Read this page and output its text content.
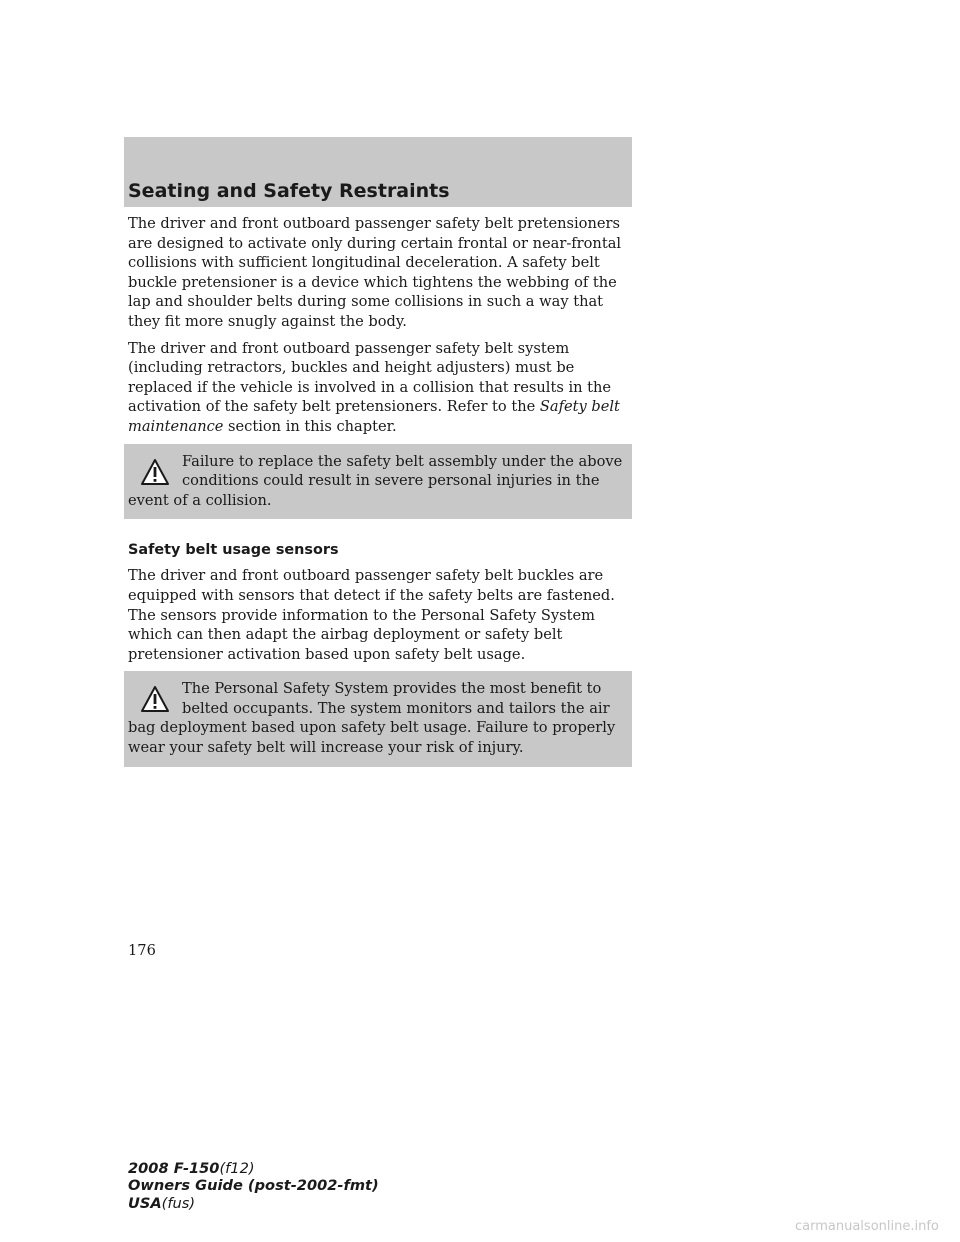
Seating and Safety Restraints

The driver and front outboard passenger safety belt pretensioners are designed to activate only during certain frontal or near-frontal collisions with sufficient longitudinal deceleration. A safety belt buckle pretensioner is a device which tightens the webbing of the lap and shoulder belts during some collisions in such a way that they fit more snugly against the body.

The driver and front outboard passenger safety belt system (including retractors, buckles and height adjusters) must be replaced if the vehicle is involved in a collision that results in the activation of the safety belt pretensioners. Refer to the Safety belt maintenance section in this chapter.

Failure to replace the safety belt assembly under the above conditions could result in severe personal injuries in the event of a collision.
Safety belt usage sensors

The driver and front outboard passenger safety belt buckles are equipped with sensors that detect if the safety belts are fastened. The sensors provide information to the Personal Safety System which can then adapt the airbag deployment or safety belt pretensioner activation based upon safety belt usage.

The Personal Safety System provides the most benefit to belted occupants. The system monitors and tailors the air bag deployment based upon safety belt usage. Failure to properly wear your safety belt will increase your risk of injury.
176
2008 F-150(f12)
Owners Guide (post-2002-fmt)
USA(fus)
carmanualsonline.info
